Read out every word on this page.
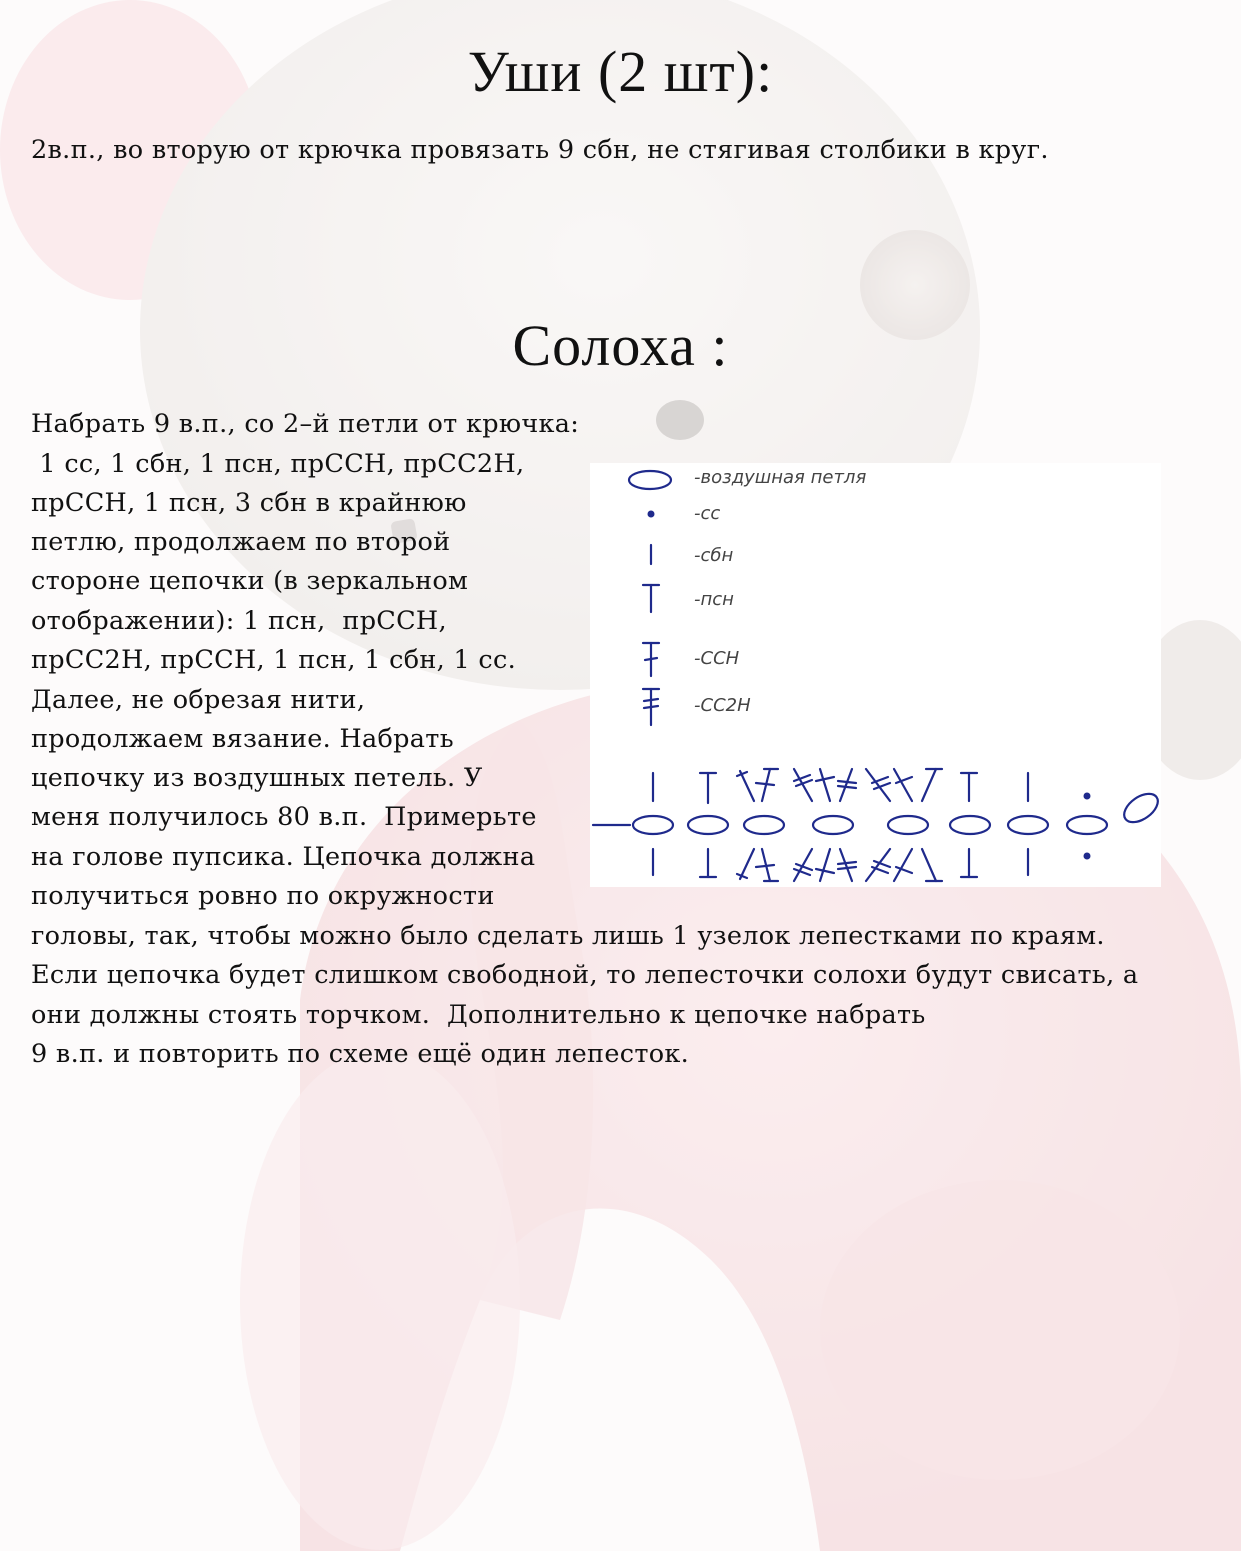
Уши (2 шт):
2в.п., во вторую от крючка провязать 9 сбн, не стягивая столбики в круг.
Солоха :
Набрать 9 в.п., со 2–й петли от крючка:
1 сс, 1 сбн, 1 псн, прССН, прСС2Н,
прССН, 1 псн, 3 сбн в крайнюю
петлю, продолжаем по второй
стороне цепочки (в зеркальном
отображении): 1 псн,  прССН,
прСС2Н, прССН, 1 псн, 1 сбн, 1 сс.
Далее, не обрезая нити,
продолжаем вязание. Набрать
цепочку из воздушных петель. У
меня получилось 80 в.п.  Примерьте
на голове пупсика. Цепочка должна
получиться ровно по окружности
головы, так, чтобы можно было сделать лишь 1 узелок лепестками по краям.
Если цепочка будет слишком свободной, то лепесточки солохи будут свисать, а
они должны стоять торчком.  Дополнительно к цепочке набрать
9 в.п. и повторить по схеме ещё один лепесток.
-воздушная петля
-сс
-сбн
-псн
-ССН
-СС2Н
